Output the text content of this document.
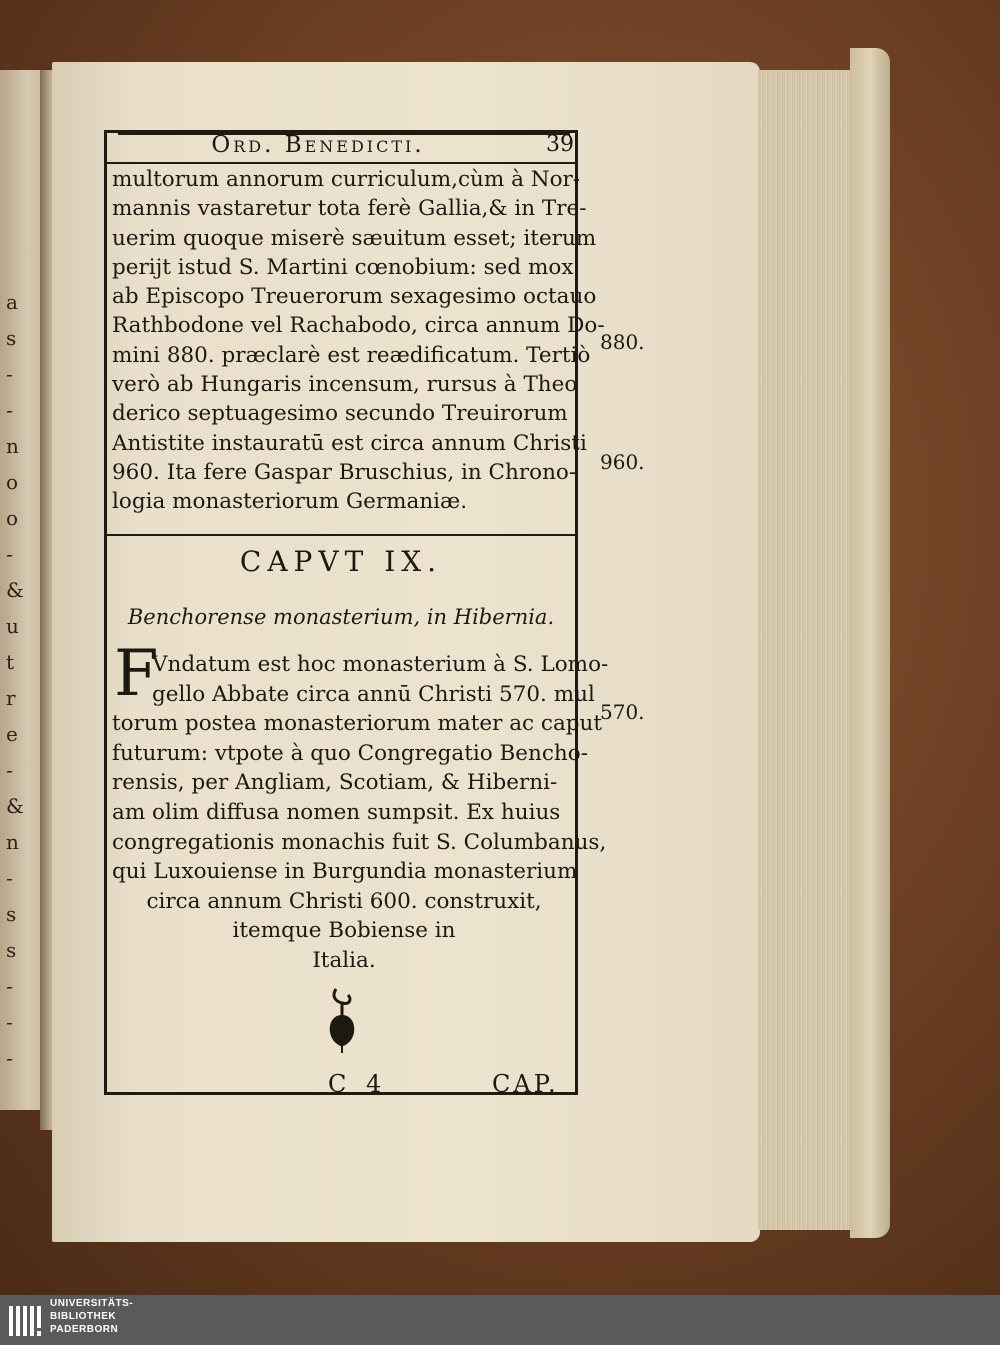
a
s
-
-
n
o
o
-
&
u
t
r
e
-
&
n
-
s
s
-
-
-
Ord. Benedicti.	39
multorum annorum curriculum,cùm à Nor-
mannis vastaretur tota ferè Gallia,& in Tre-
uerim quoque miserè sæuitum esset; iterum
perijt istud S. Martini cœnobium: sed mox
ab Episcopo Treuerorum sexagesimo octauo
Rathbodone vel Rachabodo, circa annum Do-
mini 880. præclarè est reædificatum. Tertiò
verò ab Hungaris incensum, rursus à Theo
derico septuagesimo secundo Treuirorum
Antistite instauratū est circa annum Christi
960. Ita fere Gaspar Bruschius, in Chrono-
logia monasteriorum Germaniæ.
CAPVT IX.
Benchorense monasterium, in Hibernia.
F
Vndatum est hoc monasterium à S. Lomo-
gello Abbate circa annū Christi 570. mul
torum postea monasteriorum mater ac caput
futurum: vtpote à quo Congregatio Bencho-
rensis, per Angliam, Scotiam, & Hiberni-
am olim diffusa nomen sumpsit. Ex huius
congregationis monachis fuit S. Columbanus,
qui Luxouiense in Burgundia monasterium
circa annum Christi 600. construxit,
itemque Bobiense in
Italia.
C 4	CAP.
880.
960.
570.
UNIVERSITÄTS-
BIBLIOTHEK
PADERBORN
